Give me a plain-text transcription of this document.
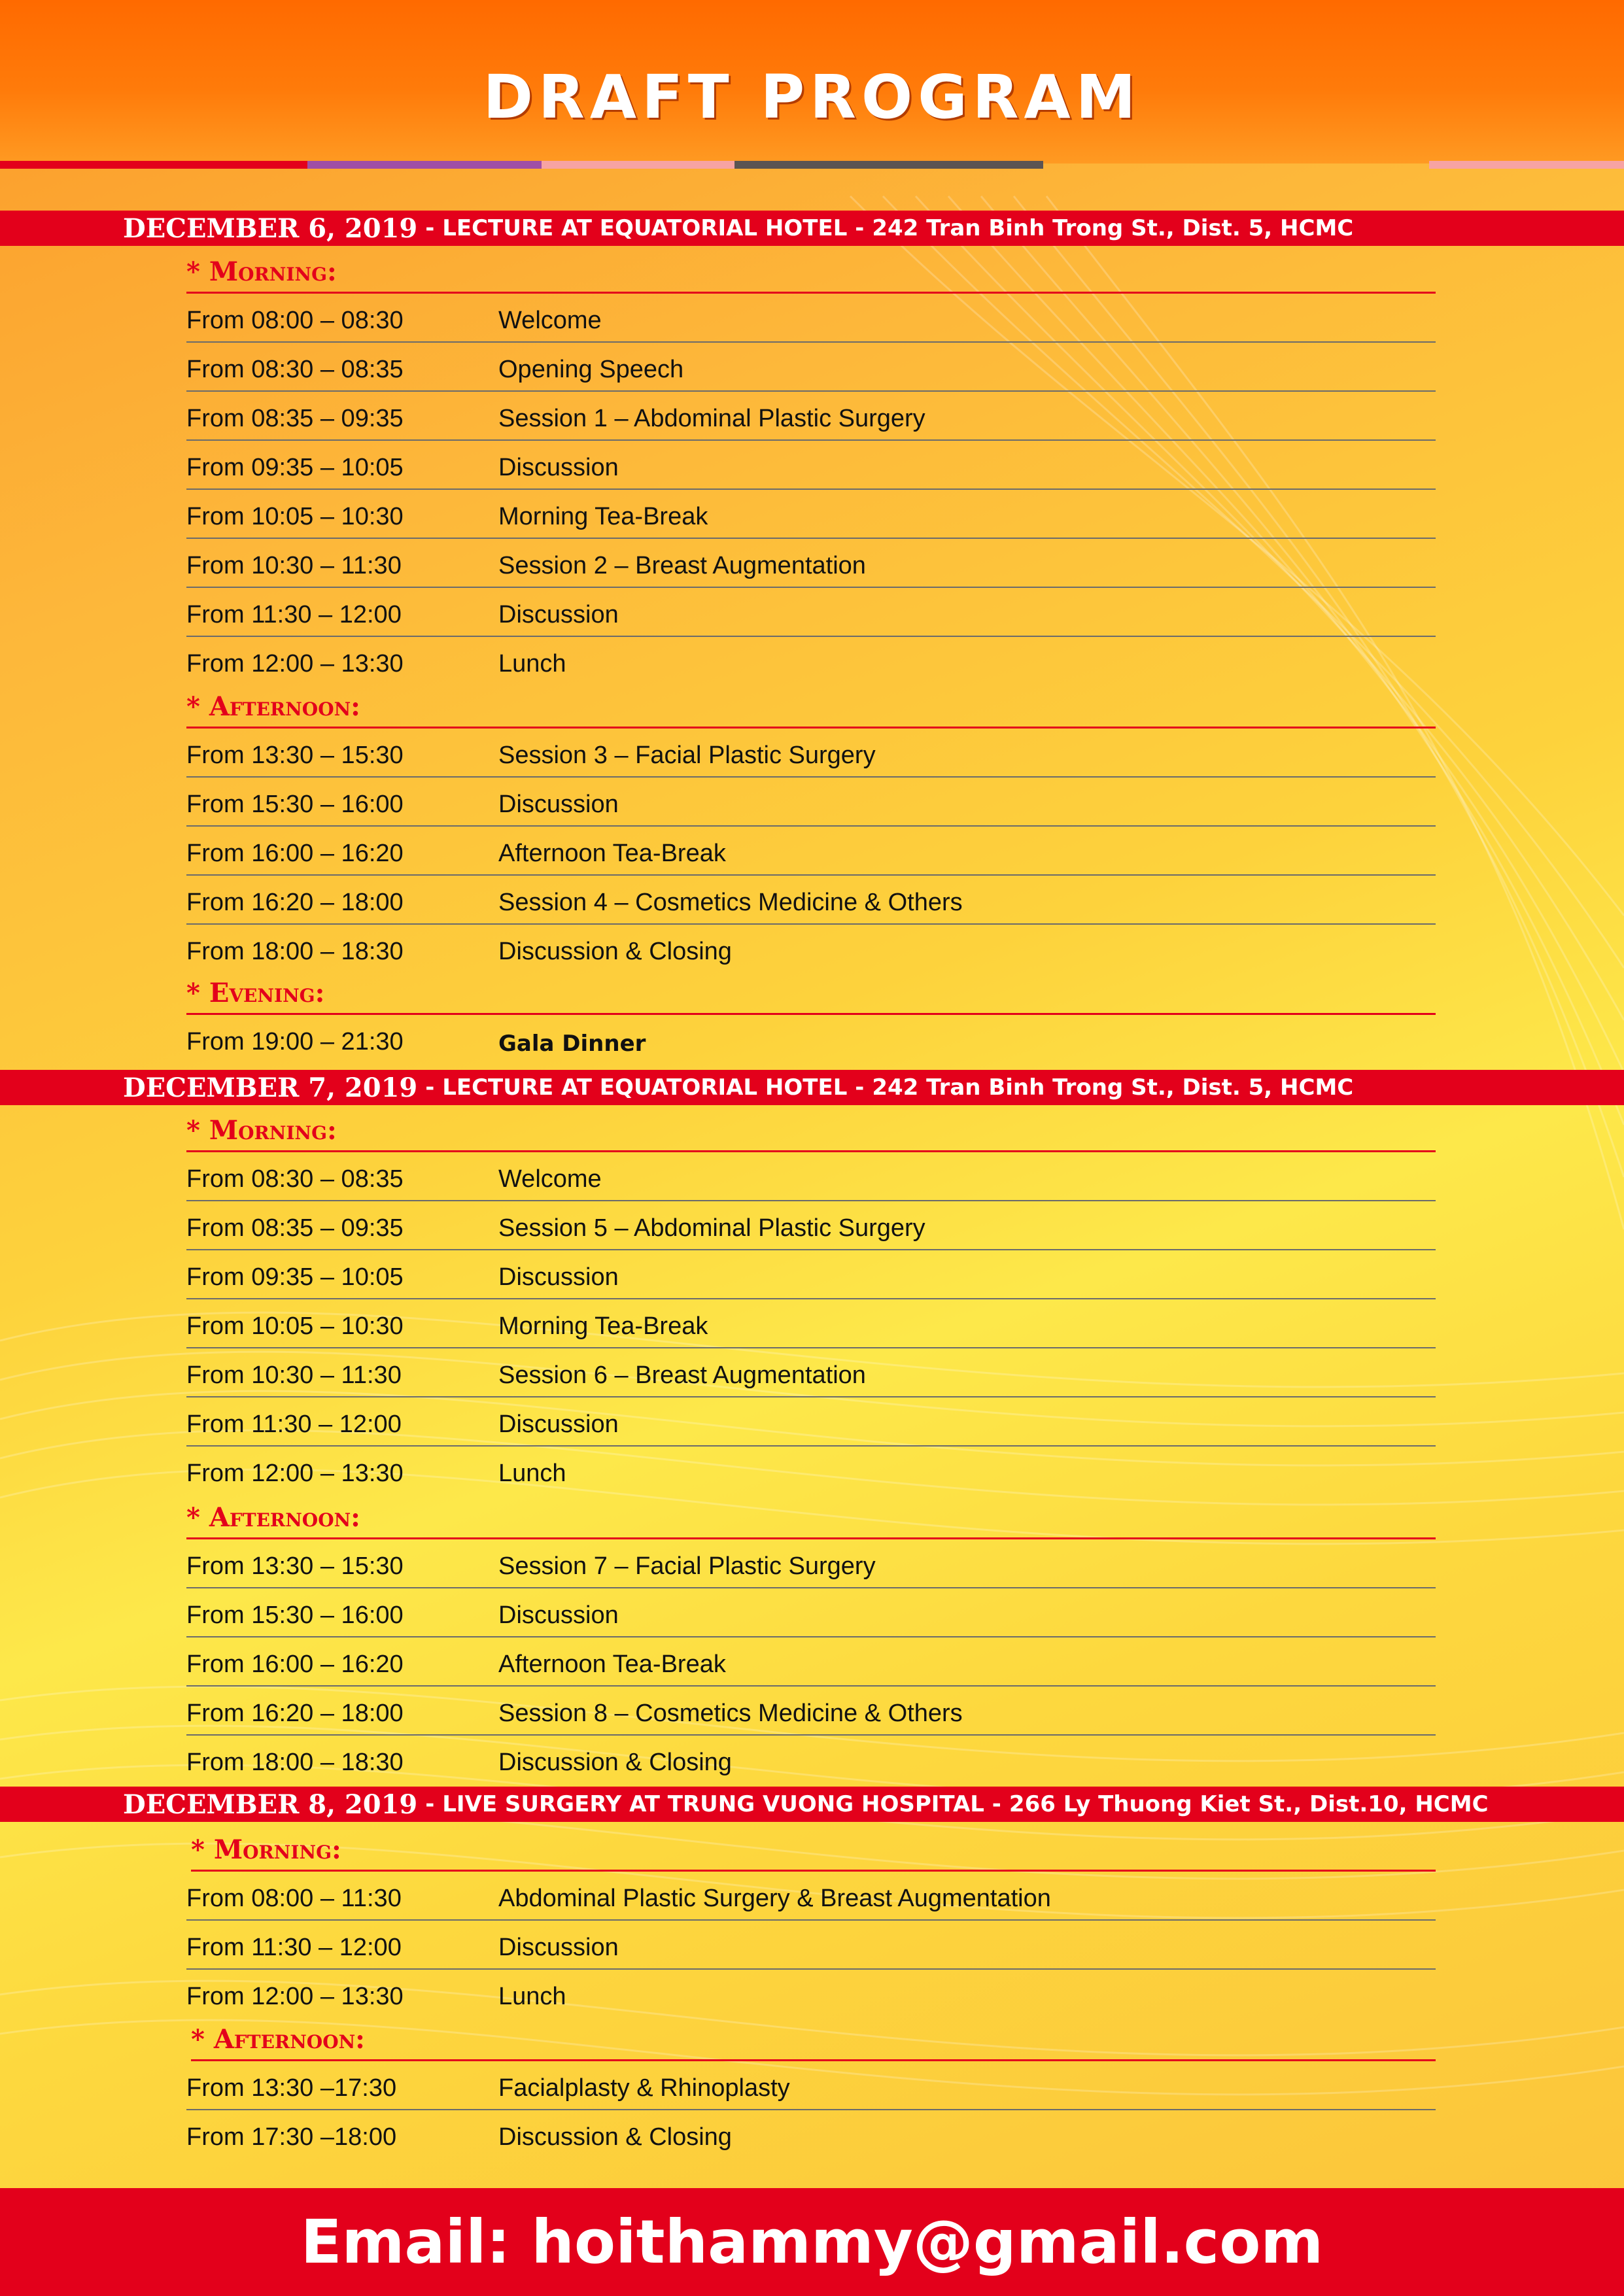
DRAFT PROGRAM
DECEMBER 6, 2019 - LECTURE AT EQUATORIAL HOTEL - 242 Tran Binh Trong St., Dist. 5, HCMC
* Morning:
From 08:00 – 08:30	Welcome
From 08:30 – 08:35	Opening Speech
From 08:35 – 09:35	Session 1 – Abdominal Plastic Surgery
From 09:35 – 10:05	Discussion
From 10:05 – 10:30	Morning Tea-Break
From 10:30 – 11:30	Session 2 – Breast Augmentation
From 11:30 – 12:00	Discussion
From 12:00 – 13:30	Lunch
* Afternoon:
From 13:30 – 15:30	Session 3 – Facial Plastic Surgery
From 15:30 – 16:00	Discussion
From 16:00 – 16:20	Afternoon Tea-Break
From 16:20 – 18:00	Session 4 – Cosmetics Medicine & Others
From 18:00 – 18:30	Discussion & Closing
* Evening:
From 19:00 – 21:30	Gala Dinner
DECEMBER 7, 2019 - LECTURE AT EQUATORIAL HOTEL - 242 Tran Binh Trong St., Dist. 5, HCMC
* Morning:
From 08:30 – 08:35	Welcome
From 08:35 – 09:35	Session 5 – Abdominal Plastic Surgery
From 09:35 – 10:05	Discussion
From 10:05 – 10:30	Morning Tea-Break
From 10:30 – 11:30	Session 6 – Breast Augmentation
From 11:30 – 12:00	Discussion
From 12:00 – 13:30	Lunch
* Afternoon:
From 13:30 – 15:30	Session 7 – Facial Plastic Surgery
From 15:30 – 16:00	Discussion
From 16:00 – 16:20	Afternoon Tea-Break
From 16:20 – 18:00	Session 8 – Cosmetics Medicine & Others
From 18:00 – 18:30	Discussion & Closing
DECEMBER 8, 2019 - LIVE SURGERY AT TRUNG VUONG HOSPITAL - 266 Ly Thuong Kiet St., Dist.10, HCMC
* Morning:
From 08:00 – 11:30	Abdominal Plastic Surgery & Breast Augmentation
From 11:30 – 12:00	Discussion
From 12:00 – 13:30	Lunch
* Afternoon:
From 13:30 –17:30	Facialplasty & Rhinoplasty
From 17:30 –18:00	Discussion & Closing
Email: hoithammy@gmail.com
